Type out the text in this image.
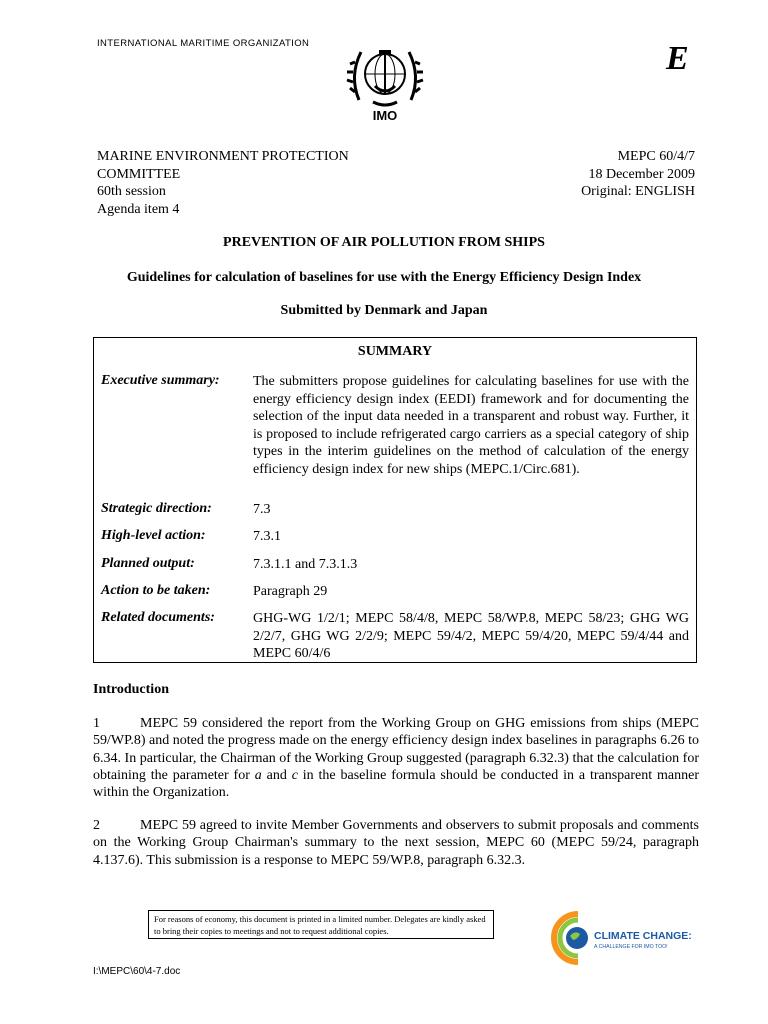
INTERNATIONAL MARITIME ORGANIZATION	E
IMO
MARINE ENVIRONMENT PROTECTION
COMMITTEE
60th session
Agenda item 4
MEPC 60/4/7
18 December 2009
Original: ENGLISH
PREVENTION OF AIR POLLUTION FROM SHIPS
Guidelines for calculation of baselines for use with the Energy Efficiency Design Index
Submitted by Denmark and Japan
SUMMARY
Executive summary: The submitters propose guidelines for calculating baselines for use with the energy efficiency design index (EEDI) framework and for documenting the selection of the input data needed in a transparent and robust way. Further, it is proposed to include refrigerated cargo carriers as a special category of ship types in the interim guidelines on the method of calculation of the energy efficiency design index for new ships (MEPC.1/Circ.681).
Strategic direction:	7.3
High-level action:	7.3.1
Planned output:	7.3.1.1 and 7.3.1.3
Action to be taken:	Paragraph 29
Related documents:	GHG-WG 1/2/1; MEPC 58/4/8, MEPC 58/WP.8, MEPC 58/23; GHG WG 2/2/7, GHG WG 2/2/9; MEPC 59/4/2, MEPC 59/4/20, MEPC 59/4/44 and MEPC 60/4/6
Introduction
1	MEPC 59 considered the report from the Working Group on GHG emissions from ships (MEPC 59/WP.8) and noted the progress made on the energy efficiency design index baselines in paragraphs 6.26 to 6.34. In particular, the Chairman of the Working Group suggested (paragraph 6.32.3) that the calculation for obtaining the parameter for a and c in the baseline formula should be conducted in a transparent manner within the Organization.
2	MEPC 59 agreed to invite Member Governments and observers to submit proposals and comments on the Working Group Chairman's summary to the next session, MEPC 60 (MEPC 59/24, paragraph 4.137.6). This submission is a response to MEPC 59/WP.8, paragraph 6.32.3.
For reasons of economy, this document is printed in a limited number. Delegates are kindly asked to bring their copies to meetings and not to request additional copies.	CLIMATE CHANGE:
A CHALLENGE FOR IMO TOO!
I:\MEPC\60\4-7.doc
